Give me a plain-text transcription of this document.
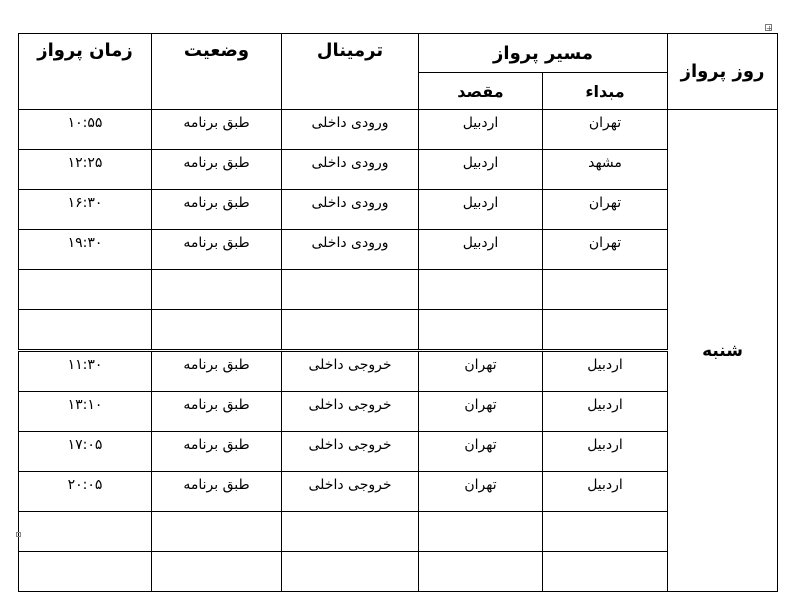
+
روز پرواز	مسیر پرواز		ترمینال	وضعیت	زمان پرواز
	مبداء	مقصد			
شنبه	تهران	اردبیل	ورودی داخلی	طبق برنامه	۱۰:۵۵
	مشهد	اردبیل	ورودی داخلی	طبق برنامه	۱۲:۲۵
	تهران	اردبیل	ورودی داخلی	طبق برنامه	۱۶:۳۰
	تهران	اردبیل	ورودی داخلی	طبق برنامه	۱۹:۳۰

	اردبیل	تهران	خروجی داخلی	طبق برنامه	۱۱:۳۰
	اردبیل	تهران	خروجی داخلی	طبق برنامه	۱۳:۱۰
	اردبیل	تهران	خروجی داخلی	طبق برنامه	۱۷:۰۵
	اردبیل	تهران	خروجی داخلی	طبق برنامه	۲۰:۰۵
